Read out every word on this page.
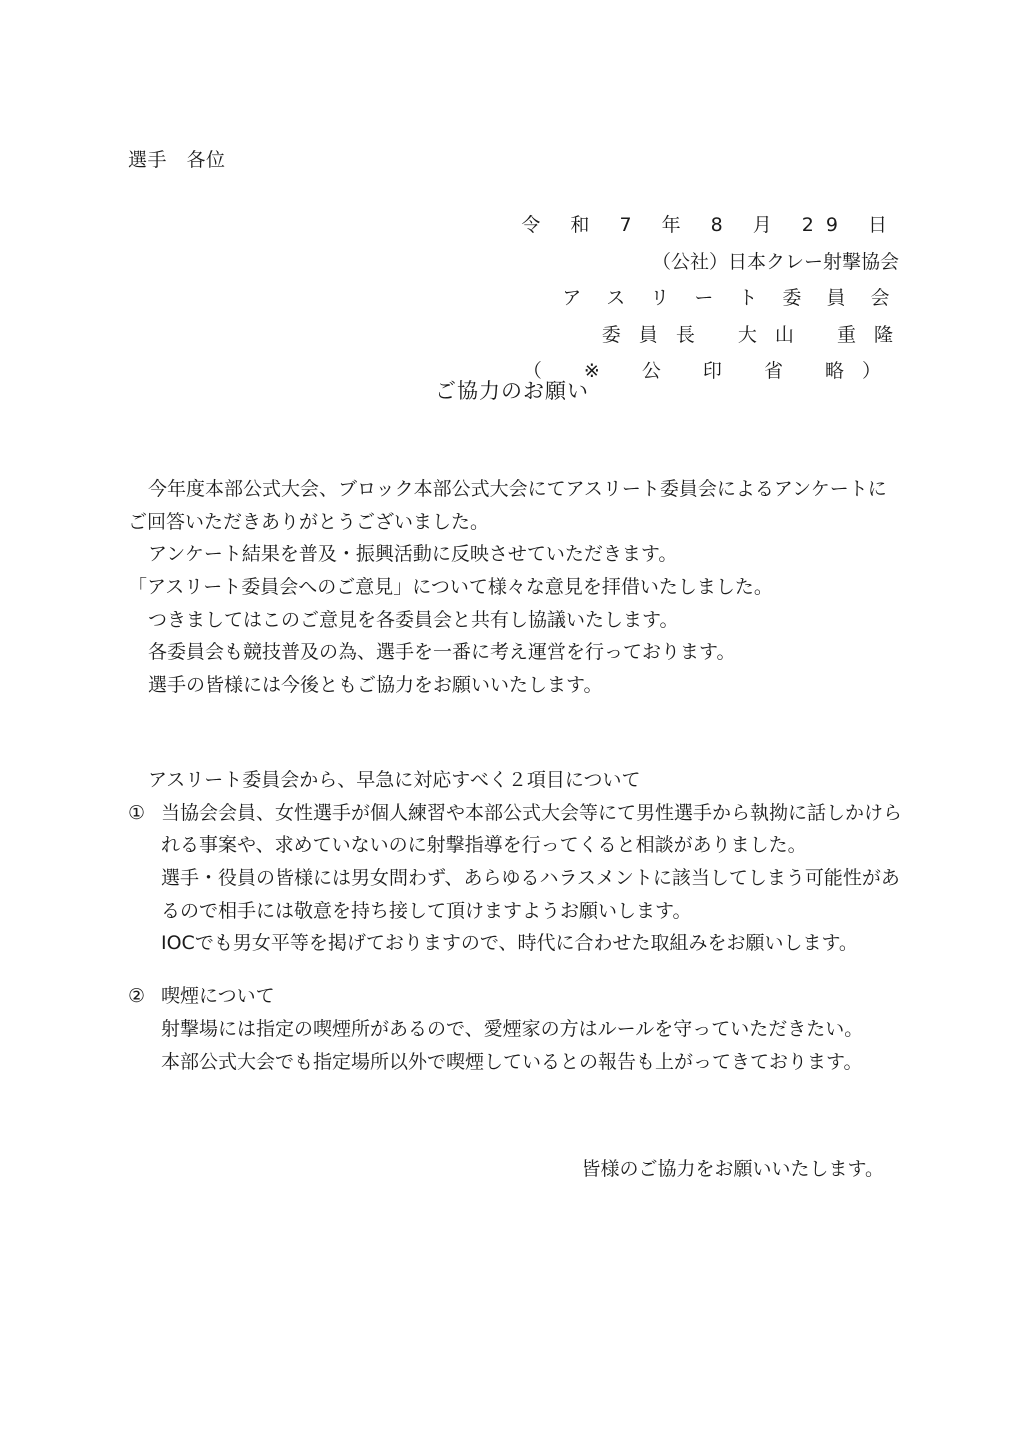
選手　各位
令 和 7 年 8 月 29 日
（公社）日本クレー射撃協会
ア ス リ ー ト 委 員 会
委 員 長　 大 山　 重 隆
（ ※ 公 印 省 略）
ご協力のお願い
今年度本部公式大会、ブロック本部公式大会にてアスリート委員会によるアンケートに
ご回答いただきありがとうございました。
アンケート結果を普及・振興活動に反映させていただきます。
「アスリート委員会へのご意見」について様々な意見を拝借いたしました。
つきましてはこのご意見を各委員会と共有し協議いたします。
各委員会も競技普及の為、選手を一番に考え運営を行っております。
選手の皆様には今後ともご協力をお願いいたします。
アスリート委員会から、早急に対応すべく２項目について
① 当協会会員、女性選手が個人練習や本部公式大会等にて男性選手から執拗に話しかけら
れる事案や、求めていないのに射撃指導を行ってくると相談がありました。
選手・役員の皆様には男女問わず、あらゆるハラスメントに該当してしまう可能性があ
るので相手には敬意を持ち接して頂けますようお願いします。
IOCでも男女平等を掲げておりますので、時代に合わせた取組みをお願いします。
② 喫煙について
射撃場には指定の喫煙所があるので、愛煙家の方はルールを守っていただきたい。
本部公式大会でも指定場所以外で喫煙しているとの報告も上がってきております。
皆様のご協力をお願いいたします。
